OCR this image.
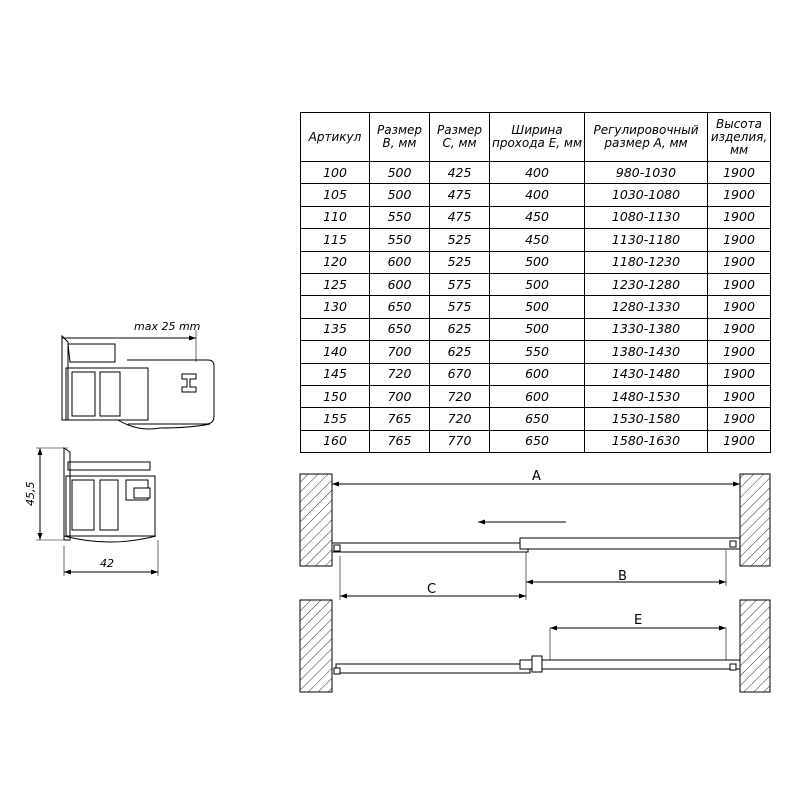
Артикул	Размер В, мм	Размер С, мм	Ширина прохода Е, мм	Регулировочный размер А, мм	Высота изделия, мм
100	500	425	400	980-1030	1900
105	500	475	400	1030-1080	1900
110	550	475	450	1080-1130	1900
115	550	525	450	1130-1180	1900
120	600	525	500	1180-1230	1900
125	600	575	500	1230-1280	1900
130	650	575	500	1280-1330	1900
135	650	625	500	1330-1380	1900
140	700	625	550	1380-1430	1900
145	720	670	600	1430-1480	1900
150	700	720	600	1480-1530	1900
155	765	720	650	1530-1580	1900
160	765	770	650	1580-1630	1900
max 25 mm
45,5
42
A
B
C
E
